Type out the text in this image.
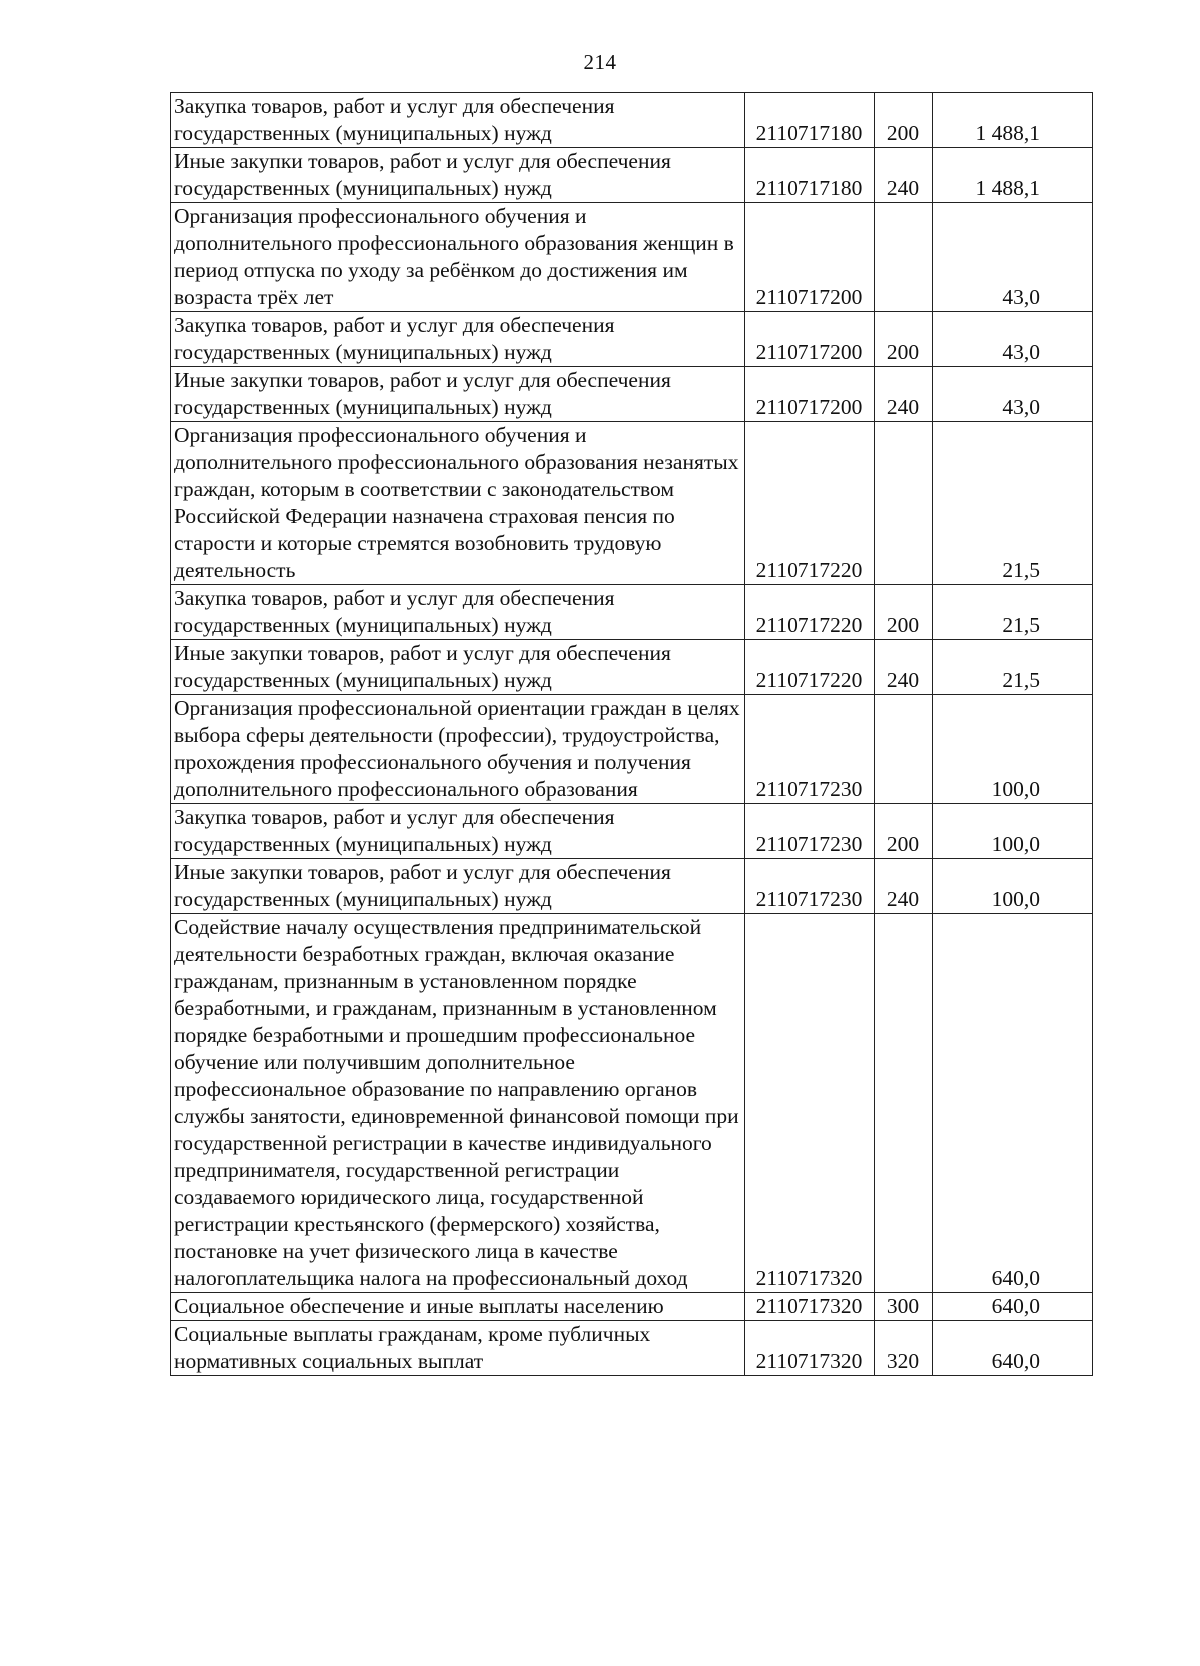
214
Закупка товаров, работ и услуг для обеспечения государственных (муниципальных) нужд	2110717180	200	1 488,1
Иные закупки товаров, работ и услуг для обеспечения государственных (муниципальных) нужд	2110717180	240	1 488,1
Организация профессионального обучения и дополнительного профессионального образования женщин в период отпуска по уходу за ребёнком до достижения им возраста трёх лет	2110717200		43,0
Закупка товаров, работ и услуг для обеспечения государственных (муниципальных) нужд	2110717200	200	43,0
Иные закупки товаров, работ и услуг для обеспечения государственных (муниципальных) нужд	2110717200	240	43,0
Организация профессионального обучения и дополнительного профессионального образования незанятых граждан, которым в соответствии с законодательством Российской Федерации назначена страховая пенсия по старости и которые стремятся возобновить трудовую деятельность	2110717220		21,5
Закупка товаров, работ и услуг для обеспечения государственных (муниципальных) нужд	2110717220	200	21,5
Иные закупки товаров, работ и услуг для обеспечения государственных (муниципальных) нужд	2110717220	240	21,5
Организация профессиональной ориентации граждан в целях выбора сферы деятельности (профессии), трудоустройства, прохождения профессионального обучения и получения дополнительного профессионального образования	2110717230		100,0
Закупка товаров, работ и услуг для обеспечения государственных (муниципальных) нужд	2110717230	200	100,0
Иные закупки товаров, работ и услуг для обеспечения государственных (муниципальных) нужд	2110717230	240	100,0
Содействие началу осуществления предпринимательской деятельности безработных граждан, включая оказание гражданам, признанным в установленном порядке безработными, и гражданам, признанным в установленном порядке безработными и прошедшим профессиональное обучение или получившим дополнительное профессиональное образование по направлению органов службы занятости, единовременной финансовой помощи при государственной регистрации в качестве индивидуального предпринимателя, государственной регистрации создаваемого юридического лица, государственной регистрации крестьянского (фермерского) хозяйства, постановке на учет физического лица в качестве налогоплательщика налога на профессиональный доход	2110717320		640,0
Социальное обеспечение и иные выплаты населению	2110717320	300	640,0
Социальные выплаты гражданам, кроме публичных нормативных социальных выплат	2110717320	320	640,0
